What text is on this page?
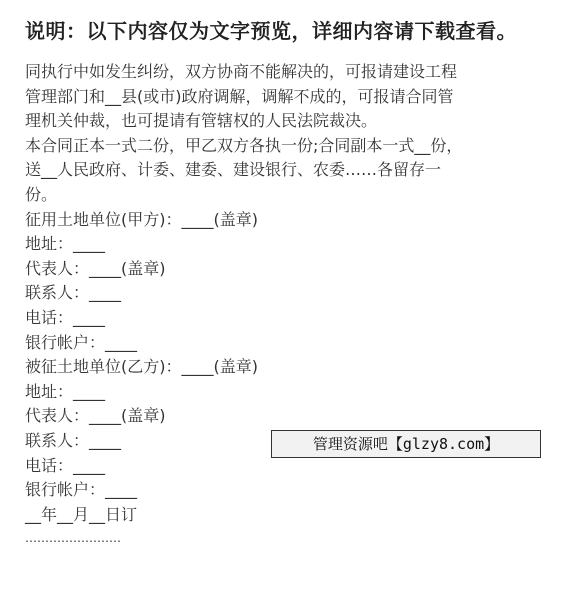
说明：以下内容仅为文字预览，详细内容请下载查看。

同执行中如发生纠纷，双方协商不能解决的，可报请建设工程
管理部门和__县(或市)政府调解，调解不成的，可报请合同管
理机关仲裁，也可提请有管辖权的人民法院裁决。

本合同正本一式二份，甲乙双方各执一份;合同副本一式__份，
送__人民政府、计委、建委、建设银行、农委……各留存一
份。

征用土地单位(甲方)：____(盖章)
地址：____
代表人：____(盖章)
联系人：____
电话：____
银行帐户：____
被征土地单位(乙方)：____(盖章)
地址：____
代表人：____(盖章)
联系人：____
电话：____
银行帐户：____
__年__月__日订
……………………
管理资源吧【glzy8.com】
